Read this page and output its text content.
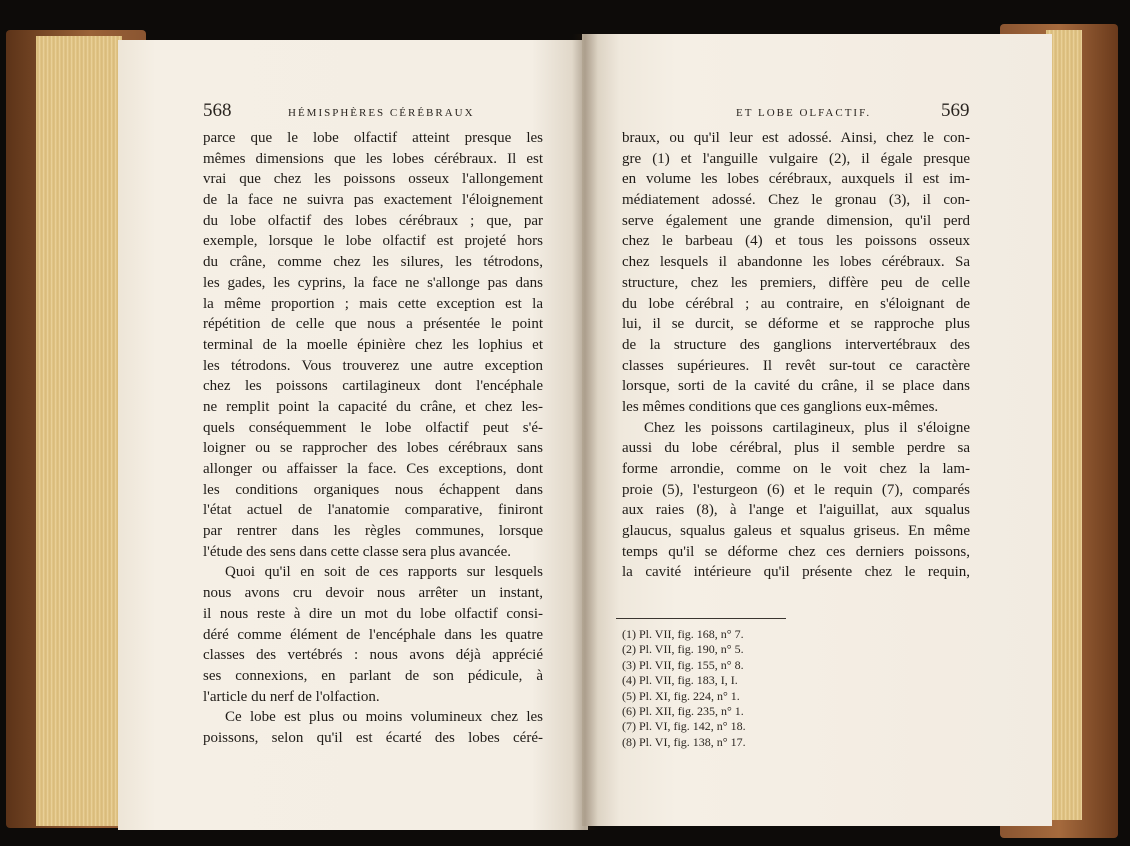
568	HÉMISPHÈRES CÉRÉBRAUX	ET LOBE OLFACTIF.	569
parce que le lobe olfactif atteint presque les
mêmes dimensions que les lobes cérébraux. Il est
vrai que chez les poissons osseux l'allongement
de la face ne suivra pas exactement l'éloignement
du lobe olfactif des lobes cérébraux ; que, par
exemple, lorsque le lobe olfactif est projeté hors
du crâne, comme chez les silures, les tétrodons,
les gades, les cyprins, la face ne s'allonge pas dans
la même proportion ; mais cette exception est la
répétition de celle que nous a présentée le point
terminal de la moelle épinière chez les lophius et
les tétrodons. Vous trouverez une autre exception
chez les poissons cartilagineux dont l'encéphale
ne remplit point la capacité du crâne, et chez les-
quels conséquemment le lobe olfactif peut s'é-
loigner ou se rapprocher des lobes cérébraux sans
allonger ou affaisser la face. Ces exceptions, dont
les conditions organiques nous échappent dans
l'état actuel de l'anatomie comparative, finiront
par rentrer dans les règles communes, lorsque
l'étude des sens dans cette classe sera plus avancée.
Quoi qu'il en soit de ces rapports sur lesquels
nous avons cru devoir nous arrêter un instant,
il nous reste à dire un mot du lobe olfactif consi-
déré comme élément de l'encéphale dans les quatre
classes des vertébrés : nous avons déjà apprécié
ses connexions, en parlant de son pédicule, à
l'article du nerf de l'olfaction.
Ce lobe est plus ou moins volumineux chez les
poissons, selon qu'il est écarté des lobes céré-
braux, ou qu'il leur est adossé. Ainsi, chez le con-
gre (1) et l'anguille vulgaire (2), il égale presque
en volume les lobes cérébraux, auxquels il est im-
médiatement adossé. Chez le gronau (3), il con-
serve également une grande dimension, qu'il perd
chez le barbeau (4) et tous les poissons osseux
chez lesquels il abandonne les lobes cérébraux. Sa
structure, chez les premiers, diffère peu de celle
du lobe cérébral ; au contraire, en s'éloignant de
lui, il se durcit, se déforme et se rapproche plus
de la structure des ganglions intervertébraux des
classes supérieures. Il revêt sur-tout ce caractère
lorsque, sorti de la cavité du crâne, il se place dans
les mêmes conditions que ces ganglions eux-mêmes.
Chez les poissons cartilagineux, plus il s'éloigne
aussi du lobe cérébral, plus il semble perdre sa
forme arrondie, comme on le voit chez la lam-
proie (5), l'esturgeon (6) et le requin (7), comparés
aux raies (8), à l'ange et l'aiguillat, aux squalus
glaucus, squalus galeus et squalus griseus. En même
temps qu'il se déforme chez ces derniers poissons,
la cavité intérieure qu'il présente chez le requin,
(1) Pl. VII, fig. 168, n° 7.
(2) Pl. VII, fig. 190, n° 5.
(3) Pl. VII, fig. 155, n° 8.
(4) Pl. VII, fig. 183, I, I.
(5) Pl. XI, fig. 224, n° 1.
(6) Pl. XII, fig. 235, n° 1.
(7) Pl. VI, fig. 142, n° 18.
(8) Pl. VI, fig. 138, n° 17.
